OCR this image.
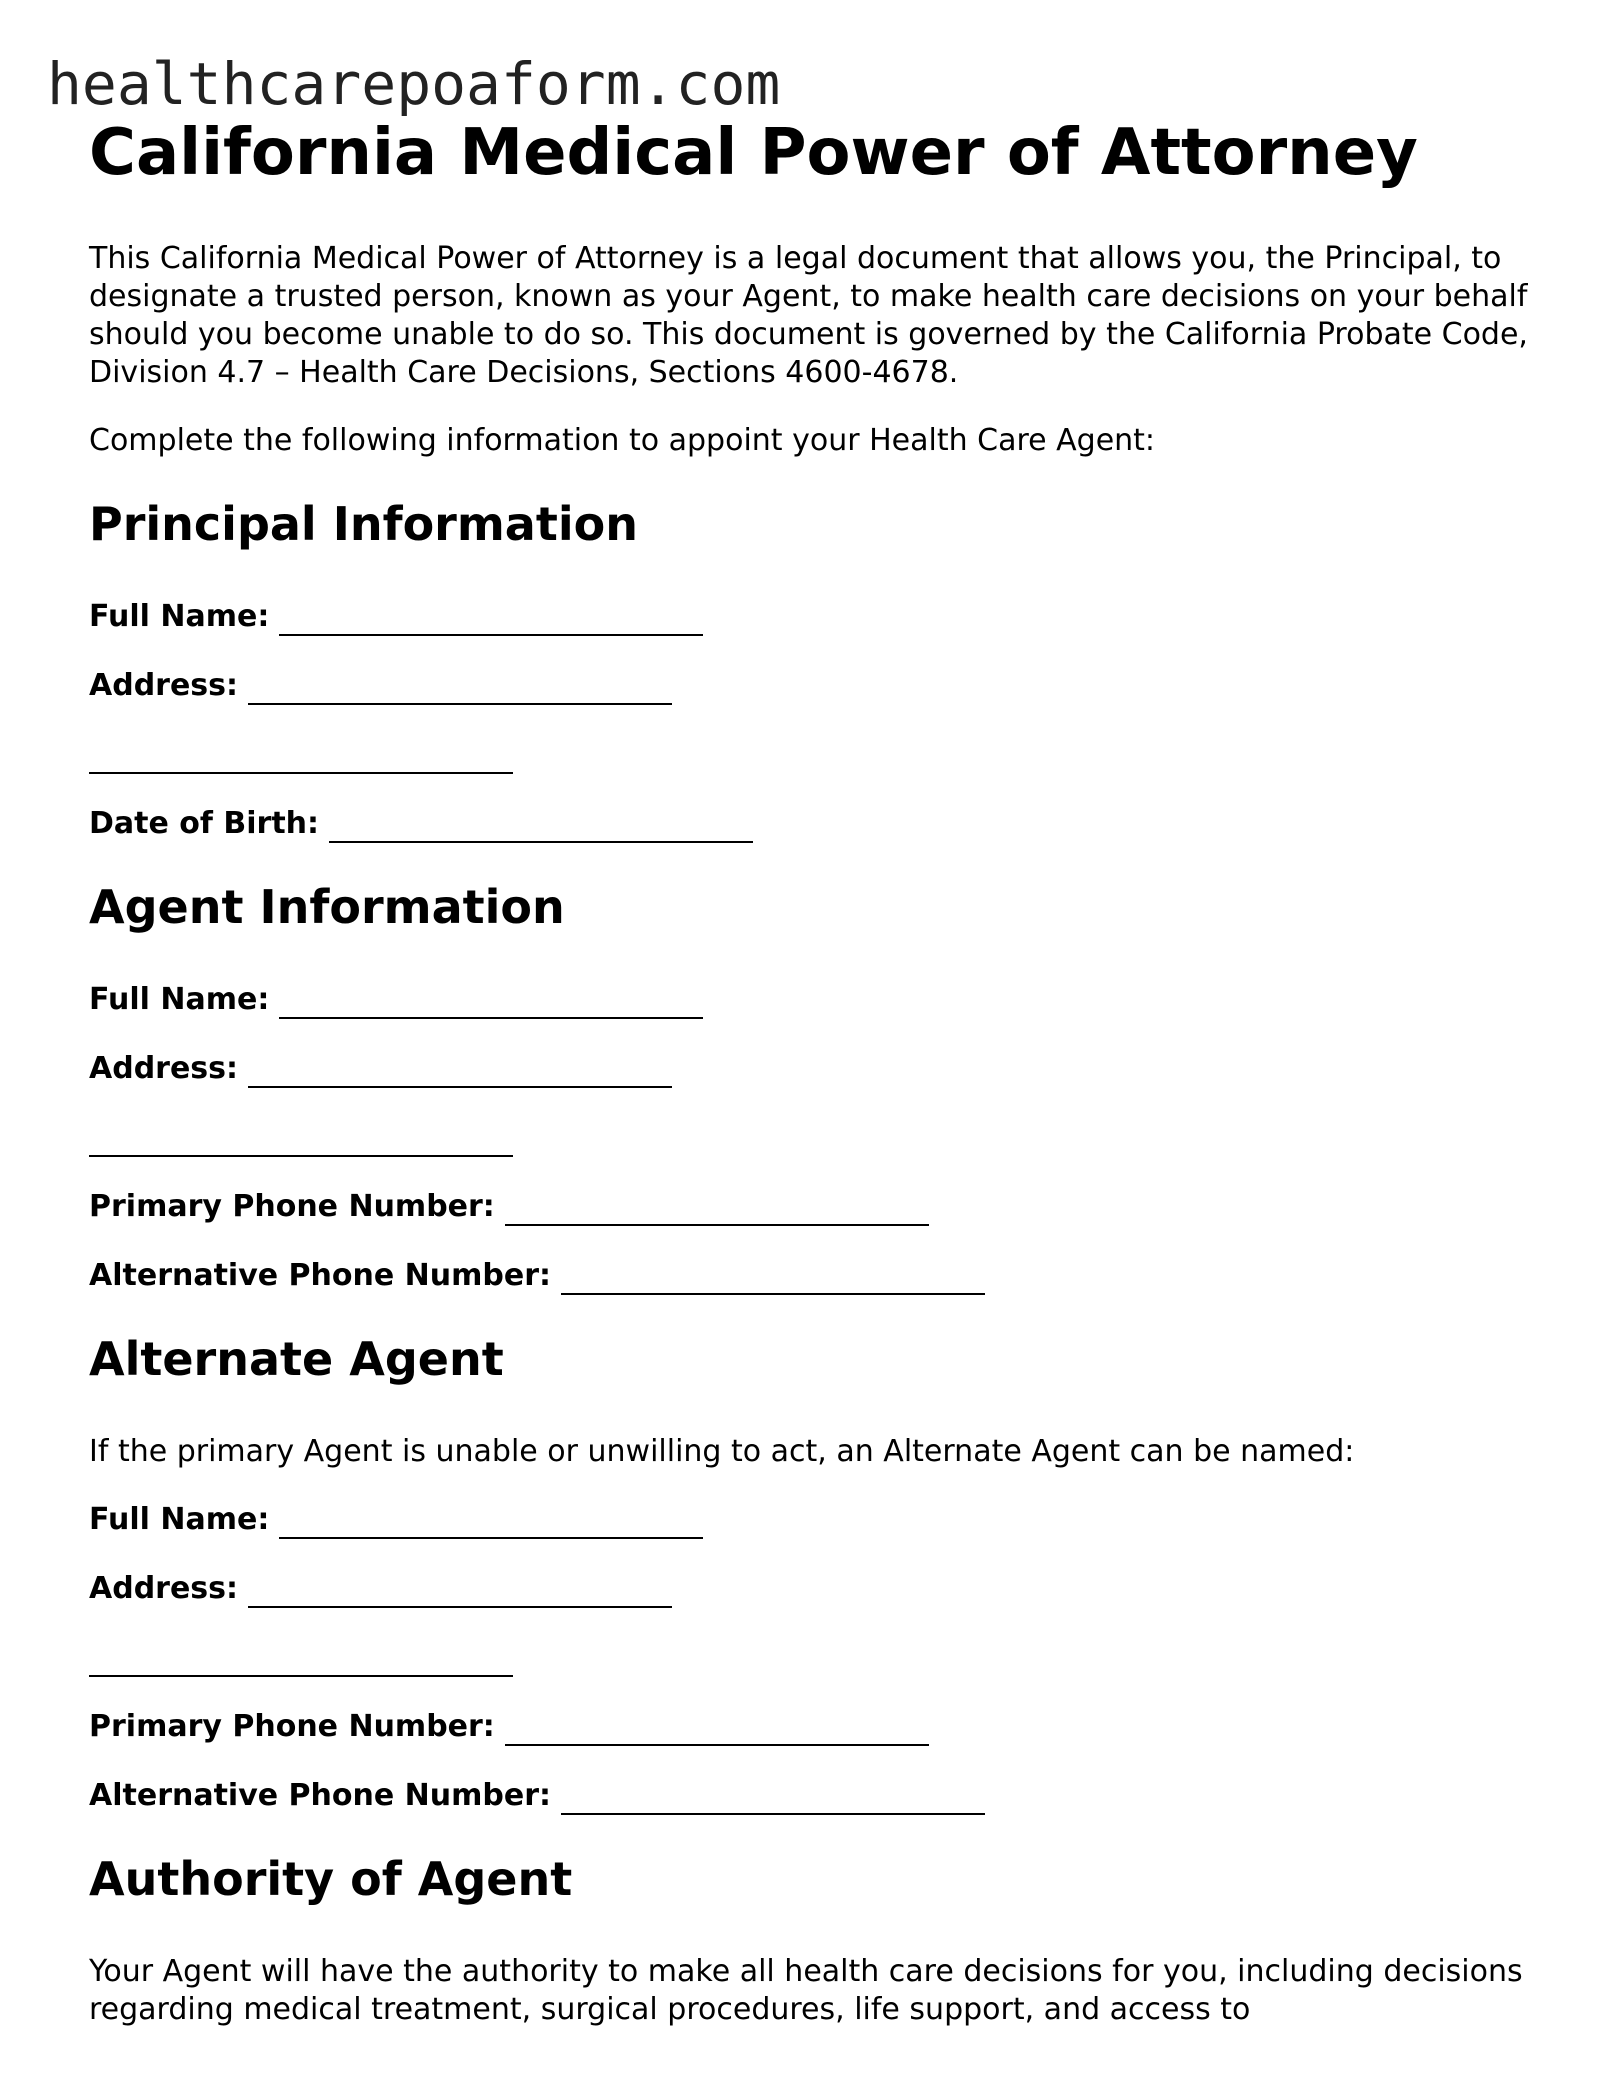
healthcarepoaform.com
California Medical Power of Attorney

This California Medical Power of Attorney is a legal document that allows you, the Principal, to designate a trusted person, known as your Agent, to make health care decisions on your behalf should you become unable to do so. This document is governed by the California Probate Code, Division 4.7 – Health Care Decisions, Sections 4600-4678.

Complete the following information to appoint your Health Care Agent:

Principal Information
Full Name:
Address:
Date of Birth:
Agent Information
Full Name:
Address:
Primary Phone Number:
Alternative Phone Number:
Alternate Agent

If the primary Agent is unable or unwilling to act, an Alternate Agent can be named:

Full Name:
Address:
Primary Phone Number:
Alternative Phone Number:
Authority of Agent

Your Agent will have the authority to make all health care decisions for you, including decisions regarding medical treatment, surgical procedures, life support, and access to
